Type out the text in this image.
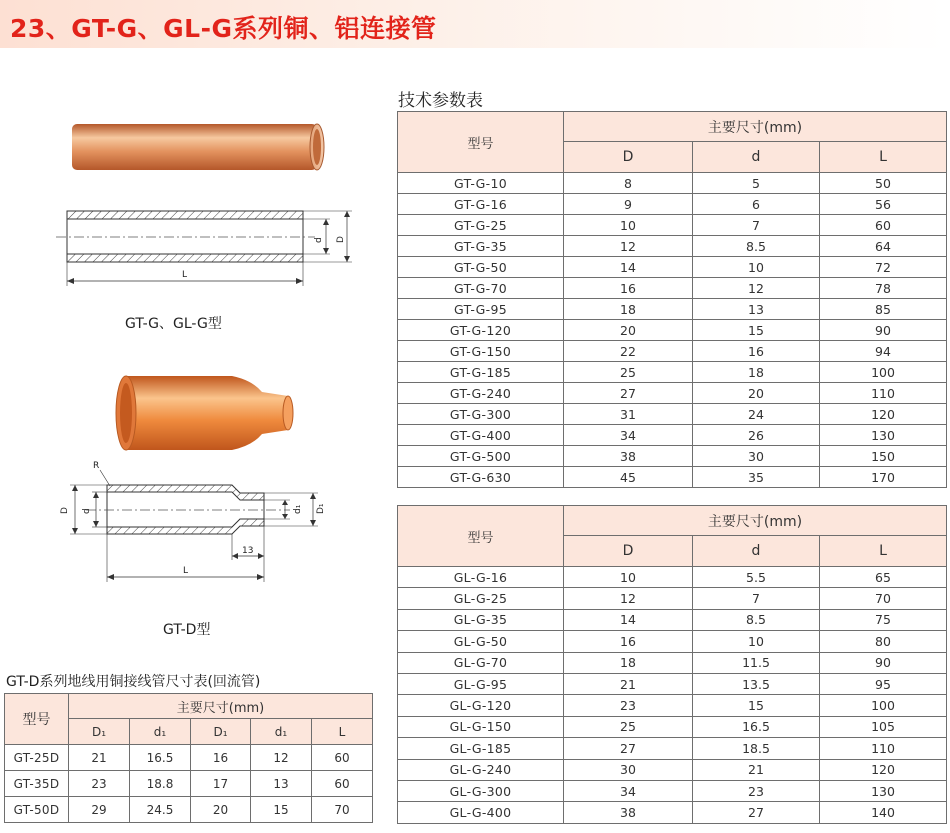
23、GT-G、GL-G系列铜、铝连接管
技术参数表
d D
L
GT-G、GL-G型
R
D d	d₁ D₁
13
L
GT-D型
GT-D系列地线用铜接线管尺寸表(回流管)
型号	主要尺寸(mm)		
	D	d	L
GT-G-10	8	5	50
GT-G-16	9	6	56
GT-G-25	10	7	60
GT-G-35	12	8.5	64
GT-G-50	14	10	72
GT-G-70	16	12	78
GT-G-95	18	13	85
GT-G-120	20	15	90
GT-G-150	22	16	94
GT-G-185	25	18	100
GT-G-240	27	20	110
GT-G-300	31	24	120
GT-G-400	34	26	130
GT-G-500	38	30	150
GT-G-630	45	35	170
型号	主要尺寸(mm)		
	D	d	L
GL-G-16	10	5.5	65
GL-G-25	12	7	70
GL-G-35	14	8.5	75
GL-G-50	16	10	80
GL-G-70	18	11.5	90
GL-G-95	21	13.5	95
GL-G-120	23	15	100
GL-G-150	25	16.5	105
GL-G-185	27	18.5	110
GL-G-240	30	21	120
GL-G-300	34	23	130
GL-G-400	38	27	140
型号	主要尺寸(mm)				
	D₁	d₁	D₁	d₁	L
GT-25D	21	16.5	16	12	60
GT-35D	23	18.8	17	13	60
GT-50D	29	24.5	20	15	70
